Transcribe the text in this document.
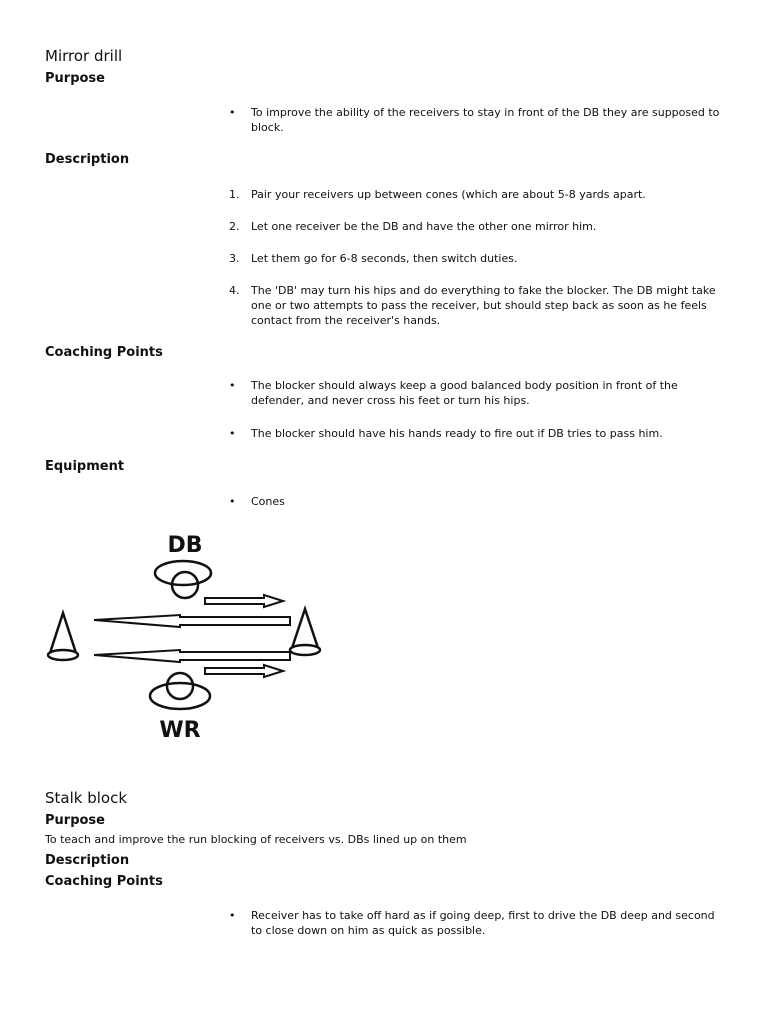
Mirror drill
Purpose
•	To improve the ability of the receivers to stay in front of the DB they are supposed to block.
Description
1.	Pair your receivers up between cones (which are about 5-8 yards apart.
2.	Let one receiver be the DB and have the other one mirror him.
3.	Let them go for 6-8 seconds, then switch duties.
4.	The 'DB' may turn his hips and do everything to fake the blocker. The DB might take one or two attempts to pass the receiver, but should step back as soon as he feels contact from the receiver's hands.
Coaching Points
•	The blocker should always keep a good balanced body position in front of the defender, and never cross his feet or turn his hips.
•	The blocker should have his hands ready to fire out if DB tries to pass him.
Equipment
•	Cones
DB
WR
Stalk block
Purpose
To teach and improve the run blocking of receivers vs. DBs lined up on them
Description
Coaching Points
•	Receiver has to take off hard as if going deep, first to drive the DB deep and second to close down on him as quick as possible.
